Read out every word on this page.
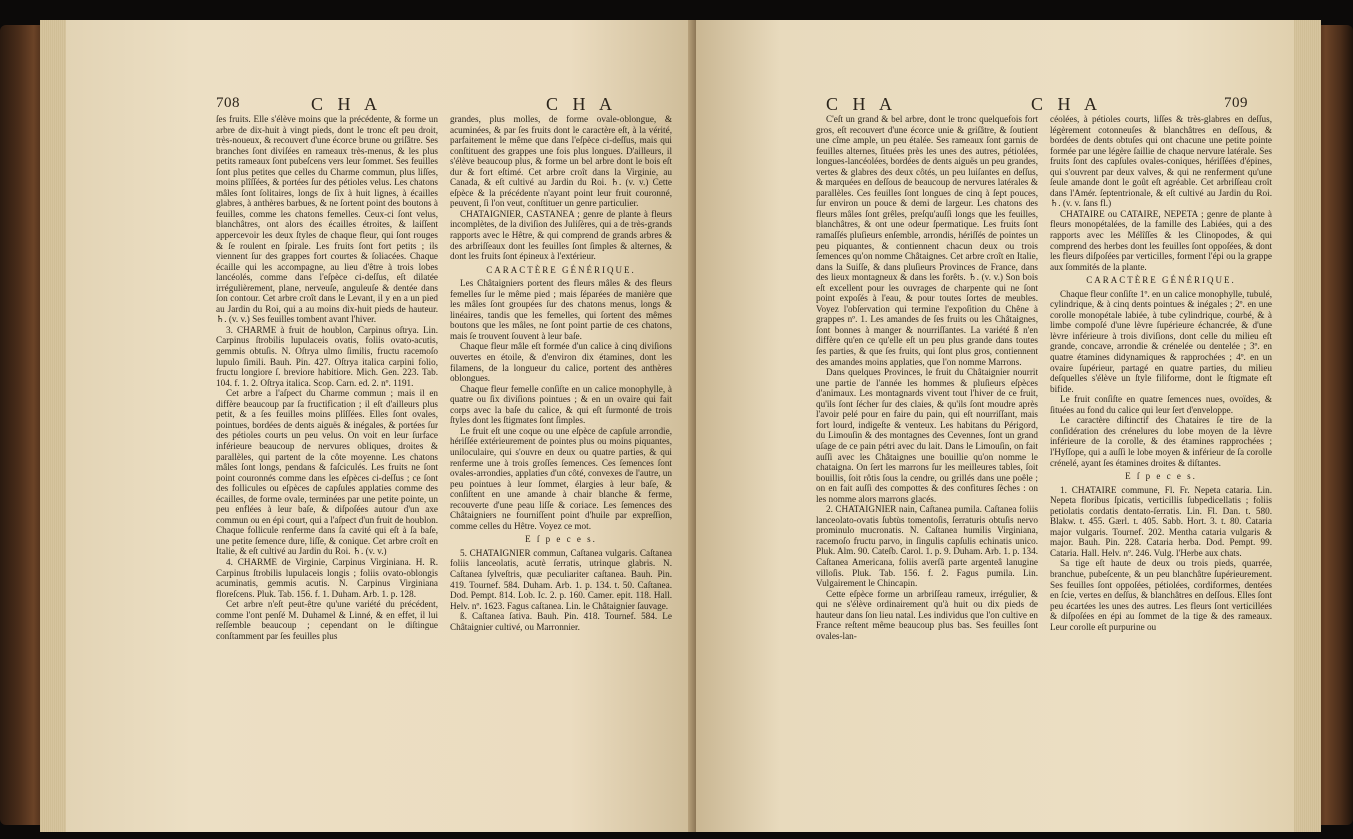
708	C H A	C H A

ſes fruits. Elle s'élève moins que la précédente, & forme un arbre de dix-huit à vingt pieds, dont le tronc eſt peu droit, très-noueux, & recouvert d'une écorce brune ou griſâtre. Ses branches ſont diviſées en rameaux très-menus, & les plus petits rameaux ſont pubeſcens vers leur ſommet. Ses feuilles ſont plus petites que celles du Charme commun, plus liſſes, moins plîſſées, & portées ſur des pétioles velus. Les chatons mâles ſont ſolitaires, longs de ſix à huit lignes, à écailles glabres, à anthères barbues, & ne ſortent point des boutons à feuilles, comme les chatons femelles. Ceux-ci ſont velus, blanchâtres, ont alors des écailles étroites, & laiſſent appercevoir les deux ſtyles de chaque fleur, qui ſont rouges & ſe roulent en ſpirale. Les fruits ſont fort petits ; ils viennent ſur des grappes fort courtes & ſoliacées. Chaque écaille qui les accompagne, au lieu d'être à trois lobes lancéolés, comme dans l'eſpèce ci-deſſus, eſt dilatée irrégulièrement, plane, nerveuſe, anguleuſe & dentée dans ſon contour. Cet arbre croît dans le Levant, il y en a un pied au Jardin du Roi, qui a au moins dix-huit pieds de hauteur. ♄. (v. v.) Ses feuilles tombent avant l'hiver.

3. CHARME à fruit de houblon, Carpinus oſtrya. Lin. Carpinus ſtrobilis lupulaceis ovatis, foliis ovato-acutis, gemmis obtuſis. N. Oſtrya ulmo ſimilis, fructu racemoſo lupulo ſimili. Bauh. Pin. 427. Oſtrya italica carpini folio, fructu longiore ſ. breviore habitiore. Mich. Gen. 223. Tab. 104. f. 1. 2. Oſtrya italica. Scop. Carn. ed. 2. nº. 1191.

Cet arbre a l'aſpect du Charme commun ; mais il en diffère beaucoup par ſa fructification ; il eſt d'ailleurs plus petit, & a ſes feuilles moins plîſſées. Elles ſont ovales, pointues, bordées de dents aiguës & inégales, & portées ſur des pétioles courts un peu velus. On voit en leur ſurface inférieure beaucoup de nervures obliques, droites & parallèles, qui partent de la côte moyenne. Les chatons mâles ſont longs, pendans & faſciculés. Les fruits ne ſont point couronnés comme dans les eſpèces ci-deſſus ; ce ſont des follicules ou eſpèces de capſules applaties comme des écailles, de forme ovale, terminées par une petite pointe, un peu enflées à leur baſe, & diſpoſées autour d'un axe commun ou en épi court, qui a l'aſpect d'un fruit de houblon. Chaque follicule renferme dans ſa cavité qui eſt à ſa baſe, une petite ſemence dure, liſſe, & conique. Cet arbre croît en Italie, & eſt cultivé au Jardin du Roi. ♄. (v. v.)

4. CHARME de Virginie, Carpinus Virginiana. H. R. Carpinus ſtrobilis lupulaceis longis ; foliis ovato-oblongis acuminatis, gemmis acutis. N. Carpinus Virginiana floreſcens. Pluk. Tab. 156. f. 1. Duham. Arb. 1. p. 128.

Cet arbre n'eſt peut-être qu'une variété du précédent, comme l'ont penſé M. Duhamel & Linné, & en effet, il lui reſſemble beaucoup ; cependant on le diſtingue conſtamment par ſes feuilles plus

grandes, plus molles, de forme ovale-oblongue, & acuminées, & par ſes fruits dont le caractère eſt, à la vérité, parfaitement le même que dans l'eſpèce ci-deſſus, mais qui conſtituent des grappes une fois plus longues. D'ailleurs, il s'élève beaucoup plus, & forme un bel arbre dont le bois eſt dur & fort eſtimé. Cet arbre croît dans la Virginie, au Canada, & eſt cultivé au Jardin du Roi. ♄. (v. v.) Cette eſpèce & la précédente n'ayant point leur fruit couronné, peuvent, ſi l'on veut, conſtituer un genre particulier.

CHATAIGNIER, CASTANEA ; genre de plante à fleurs incomplètes, de la diviſion des Juliſères, qui a de très-grands rapports avec le Hêtre, & qui comprend de grands arbres & des arbriſſeaux dont les feuilles ſont ſimples & alternes, & dont les fruits ſont épineux à l'extérieur.

CARACTÈRE GÉNÉRIQUE.

Les Châtaigniers portent des fleurs mâles & des fleurs femelles ſur le même pied ; mais ſéparées de manière que les mâles ſont groupées ſur des chatons menus, longs & linéaires, tandis que les femelles, qui ſortent des mêmes boutons que les mâles, ne ſont point partie de ces chatons, mais ſe trouvent ſouvent à leur baſe.

Chaque fleur mâle eſt formée d'un calice à cinq diviſions ouvertes en étoile, & d'environ dix étamines, dont les filamens, de la longueur du calice, portent des anthères oblongues.

Chaque fleur femelle conſiſte en un calice monophylle, à quatre ou ſix diviſions pointues ; & en un ovaire qui fait corps avec la baſe du calice, & qui eſt ſurmonté de trois ſtyles dont les ſtigmates ſont ſimples.

Le fruit eſt une coque ou une eſpèce de capſule arrondie, hériſſée extérieurement de pointes plus ou moins piquantes, uniloculaire, qui s'ouvre en deux ou quatre parties, & qui renferme une à trois groſſes ſemences. Ces ſemences ſont ovales-arrondies, applaties d'un côté, convexes de l'autre, un peu pointues à leur ſommet, élargies à leur baſe, & conſiſtent en une amande à chair blanche & ferme, recouverte d'une peau liſſe & coriace. Les ſemences des Châtaigniers ne fourniſſent point d'huile par expreſſion, comme celles du Hêtre. Voyez ce mot.

E ſ p e c e s.

5. CHATAIGNIER commun, Caſtanea vulgaris. Caſtanea foliis lanceolatis, acutè ſerratis, utrinque glabris. N. Caſtanea ſylveſtris, quæ peculiariter caſtanea. Bauh. Pin. 419. Tournef. 584. Duham. Arb. 1. p. 134. t. 50. Caſtanea. Dod. Pempt. 814. Lob. Ic. 2. p. 160. Camer. epit. 118. Hall. Helv. nº. 1623. Fagus caſtanea. Lin. le Châtaignier ſauvage.

ß. Caſtanea ſativa. Bauh. Pin. 418. Tournef. 584. Le Châtaignier cultivé, ou Marronnier.

C H A	C H A	709

C'eſt un grand & bel arbre, dont le tronc quelquefois fort gros, eſt recouvert d'une écorce unie & griſâtre, & ſoutient une cîme ample, un peu étalée. Ses rameaux ſont garnis de feuilles alternes, ſituées près les unes des autres, pétiolées, longues-lancéolées, bordées de dents aiguës un peu grandes, vertes & glabres des deux côtés, un peu luiſantes en deſſus, & marquées en deſſous de beaucoup de nervures latérales & parallèles. Ces feuilles ſont longues de cinq à ſept pouces, ſur environ un pouce & demi de largeur. Les chatons des fleurs mâles ſont grêles, preſqu'auſſi longs que les feuilles, blanchâtres, & ont une odeur ſpermatique. Les fruits ſont ramaſſés pluſieurs enſemble, arrondis, hériſſés de pointes un peu piquantes, & contiennent chacun deux ou trois ſemences qu'on nomme Châtaignes. Cet arbre croît en Italie, dans la Suiſſe, & dans pluſieurs Provinces de France, dans des lieux montagneux & dans les forêts. ♄. (v. v.) Son bois eſt excellent pour les ouvrages de charpente qui ne ſont point expoſés à l'eau, & pour toutes ſortes de meubles. Voyez l'obſervation qui termine l'expoſition du Chêne à grappes nº. 1. Les amandes de ſes fruits ou les Châtaignes, ſont bonnes à manger & nourriſſantes. La variété ß n'en diffère qu'en ce qu'elle eſt un peu plus grande dans toutes ſes parties, & que ſes fruits, qui ſont plus gros, contiennent des amandes moins applaties, que l'on nomme Marrons.

Dans quelques Provinces, le fruit du Châtaignier nourrit une partie de l'année les hommes & pluſieurs eſpèces d'animaux. Les montagnards vivent tout l'hiver de ce fruit, qu'ils ſont ſécher ſur des claies, & qu'ils ſont moudre après l'avoir pelé pour en faire du pain, qui eſt nourriſſant, mais fort lourd, indigeſte & venteux. Les habitans du Périgord, du Limouſin & des montagnes des Cevennes, ſont un grand uſage de ce pain pétri avec du lait. Dans le Limouſin, on fait auſſi avec les Châtaignes une bouillie qu'on nomme le chataigna. On ſert les marrons ſur les meilleures tables, ſoit bouillis, ſoit rôtis ſous la cendre, ou grillés dans une poêle ; on en fait auſſi des compottes & des confitures ſèches : on les nomme alors marrons glacés.

2. CHATAIGNIER nain, Caſtanea pumila. Caſtanea foliis lanceolato-ovatis ſubtùs tomentoſis, ſerraturis obtuſis nervo prominulo mucronatis. N. Caſtanea humilis Virginiana, racemoſo fructu parvo, in ſingulis capſulis echinatis unico. Pluk. Alm. 90. Cateſb. Carol. 1. p. 9. Duham. Arb. 1. p. 134. Caſtanea Americana, foliis averſâ parte argenteâ lanugine villoſis. Pluk. Tab. 156. f. 2. Fagus pumila. Lin. Vulgairement le Chincapin.

Cette eſpèce forme un arbriſſeau rameux, irrégulier, & qui ne s'élève ordinairement qu'à huit ou dix pieds de hauteur dans ſon lieu natal. Les individus que l'on cultive en France reſtent même beaucoup plus bas. Ses feuilles ſont ovales-lan-

céolées, à pétioles courts, liſſes & très-glabres en deſſus, légèrement cotonneuſes & blanchâtres en deſſous, & bordées de dents obtuſes qui ont chacune une petite pointe formée par une légère ſaillie de chaque nervure latérale. Ses fruits ſont des capſules ovales-coniques, hériſſées d'épines, qui s'ouvrent par deux valves, & qui ne renferment qu'une ſeule amande dont le goût eſt agréable. Cet arbriſſeau croît dans l'Amér. ſeptentrionale, & eſt cultivé au Jardin du Roi. ♄. (v. v. ſans fl.)

CHATAIRE ou CATAIRE, NEPETA ; genre de plante à fleurs monopétalées, de la famille des Labiées, qui a des rapports avec les Mélîſſes & les Clinopodes, & qui comprend des herbes dont les feuilles ſont oppoſées, & dont les fleurs diſpoſées par verticilles, forment l'épi ou la grappe aux ſommités de la plante.

CARACTÈRE GÉNÉRIQUE.

Chaque fleur conſiſte 1º. en un calice monophylle, tubulé, cylindrique, & à cinq dents pointues & inégales ; 2º. en une corolle monopétale labiée, à tube cylindrique, courbé, & à limbe compoſé d'une lèvre ſupérieure échancrée, & d'une lèvre inférieure à trois diviſions, dont celle du milieu eſt grande, concave, arrondie & crénelée ou dentelée ; 3º. en quatre étamines didynamiques & rapprochées ; 4º. en un ovaire ſupérieur, partagé en quatre parties, du milieu deſquelles s'élève un ſtyle filiforme, dont le ſtigmate eſt bifide.

Le fruit conſiſte en quatre ſemences nues, ovoïdes, & ſituées au fond du calice qui leur ſert d'enveloppe.

Le caractère diſtinctif des Chataires ſe tire de la conſidération des crénelures du lobe moyen de la lèvre inférieure de la corolle, & des étamines rapprochées ; l'Hyſſope, qui a auſſi le lobe moyen & inférieur de ſa corolle crénelé, ayant ſes étamines droites & diſtantes.

E ſ p e c e s.

1. CHATAIRE commune, Fl. Fr. Nepeta cataria. Lin. Nepeta floribus ſpicatis, verticillis ſubpedicellatis ; foliis petiolatis cordatis dentato-ſerratis. Lin. Fl. Dan. t. 580. Blakw. t. 455. Gærl. t. 405. Sabb. Hort. 3. t. 80. Cataria major vulgaris. Tournef. 202. Mentha cataria vulgaris & major. Bauh. Pin. 228. Cataria herba. Dod. Pempt. 99. Cataria. Hall. Helv. nº. 246. Vulg. l'Herbe aux chats.

Sa tige eſt haute de deux ou trois pieds, quarrée, branchue, pubeſcente, & un peu blanchâtre ſupérieurement. Ses feuilles ſont oppoſées, pétiolées, cordiformes, dentées en ſcie, vertes en deſſus, & blanchâtres en deſſous. Elles ſont peu écartées les unes des autres. Les fleurs ſont verticillées & diſpoſées en épi au ſommet de la tige & des rameaux. Leur corolle eſt purpurine ou
